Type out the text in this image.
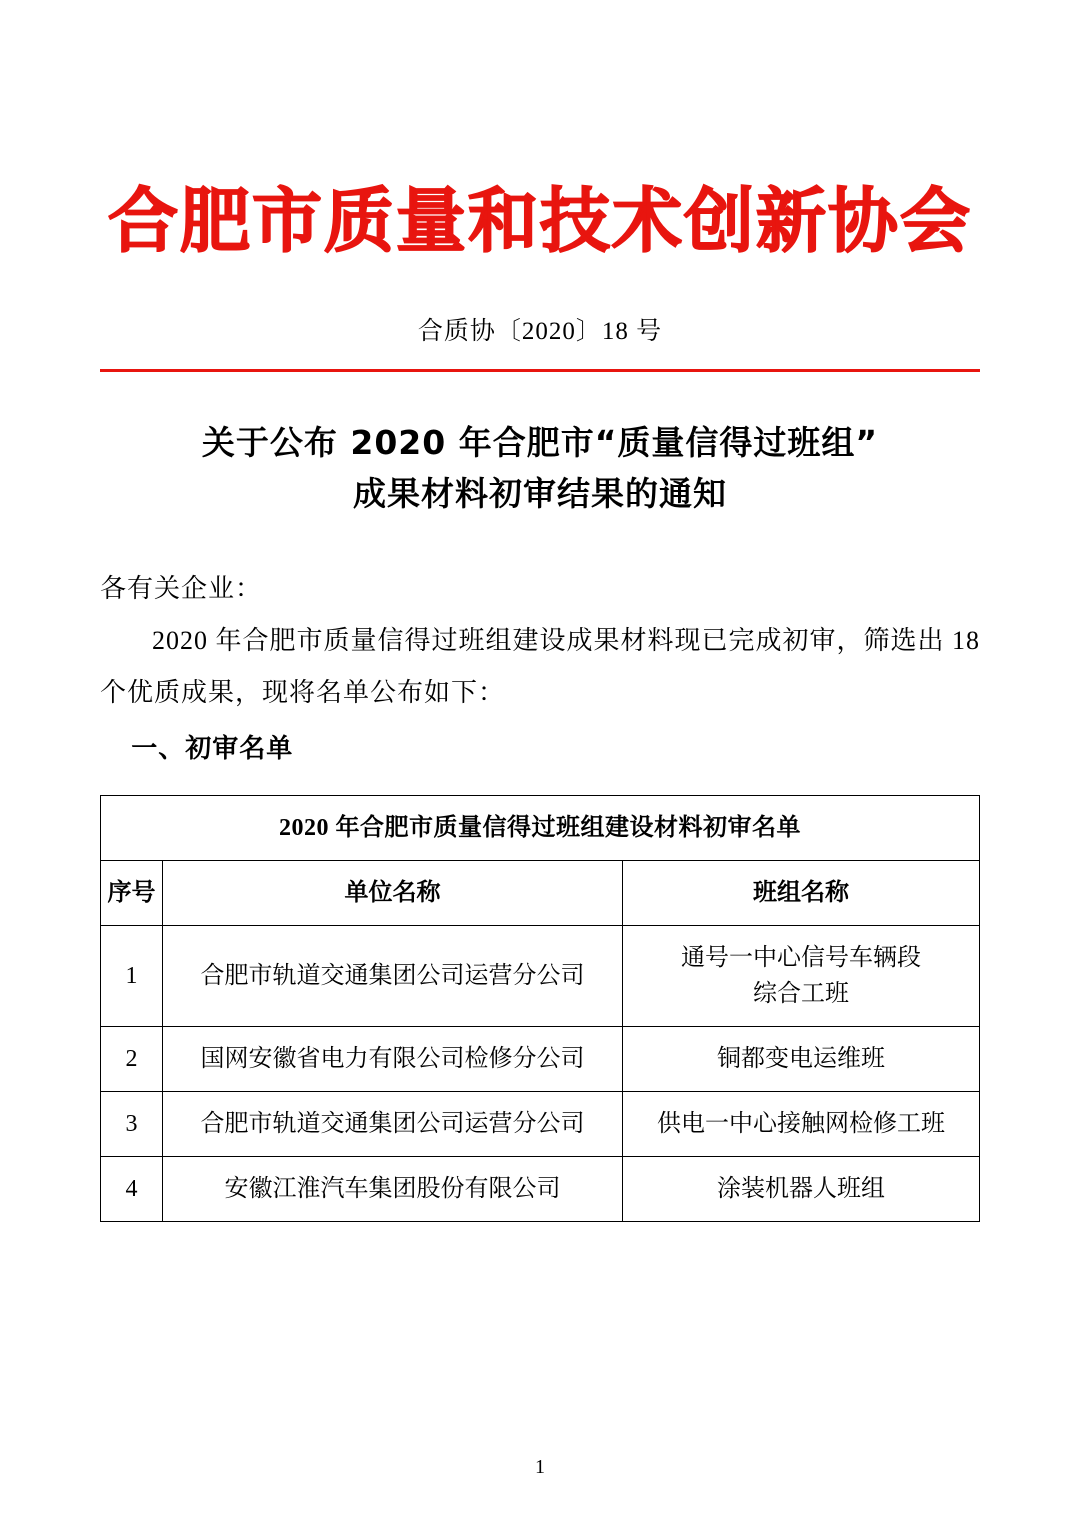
合肥市质量和技术创新协会
合质协〔2020〕18 号
关于公布 2020 年合肥市“质量信得过班组”
成果材料初审结果的通知

各有关企业：

2020 年合肥市质量信得过班组建设成果材料现已完成初审，筛选出 18 个优质成果，现将名单公布如下：

一、初审名单

2020 年合肥市质量信得过班组建设材料初审名单		
序号	单位名称	班组名称
1	合肥市轨道交通集团公司运营分公司	通号一中心信号车辆段
综合工班

2	国网安徽省电力有限公司检修分公司	铜都变电运维班
3	合肥市轨道交通集团公司运营分公司	供电一中心接触网检修工班
4	安徽江淮汽车集团股份有限公司	涂装机器人班组
1
